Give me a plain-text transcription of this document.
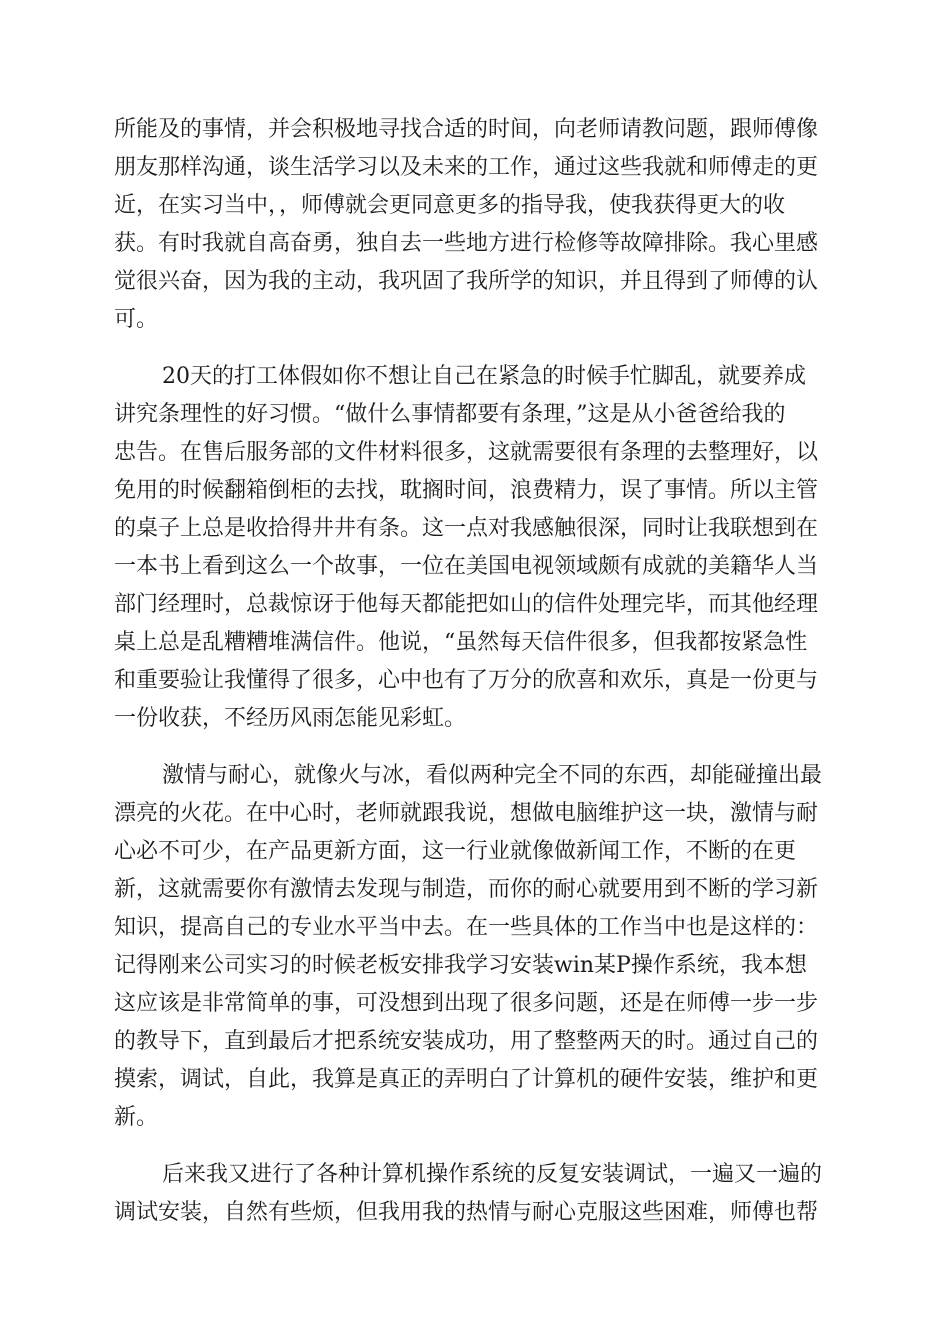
所能及的事情，并会积极地寻找合适的时间，向老师请教问题，跟师傅像
朋友那样沟通，谈生活学习以及未来的工作，通过这些我就和师傅走的更
近，在实习当中，，师傅就会更同意更多的指导我，使我获得更大的收
获。有时我就自高奋勇，独自去一些地方进行检修等故障排除。我心里感
觉很兴奋，因为我的主动，我巩固了我所学的知识，并且得到了师傅的认
可。
20天的打工体假如你不想让自己在紧急的时候手忙脚乱，就要养成
讲究条理性的好习惯。“做什么事情都要有条理，”这是从小爸爸给我的
忠告。在售后服务部的文件材料很多，这就需要很有条理的去整理好，以
免用的时候翻箱倒柜的去找，耽搁时间，浪费精力，误了事情。所以主管
的桌子上总是收拾得井井有条。这一点对我感触很深，同时让我联想到在
一本书上看到这么一个故事，一位在美国电视领域颇有成就的美籍华人当
部门经理时，总裁惊讶于他每天都能把如山的信件处理完毕，而其他经理
桌上总是乱糟糟堆满信件。他说，“虽然每天信件很多，但我都按紧急性
和重要验让我懂得了很多，心中也有了万分的欣喜和欢乐，真是一份更与
一份收获，不经历风雨怎能见彩虹。
激情与耐心，就像火与冰，看似两种完全不同的东西，却能碰撞出最
漂亮的火花。在中心时，老师就跟我说，想做电脑维护这一块，激情与耐
心必不可少，在产品更新方面，这一行业就像做新闻工作，不断的在更
新，这就需要你有激情去发现与制造，而你的耐心就要用到不断的学习新
知识，提高自己的专业水平当中去。在一些具体的工作当中也是这样的：
记得刚来公司实习的时候老板安排我学习安装win某P操作系统，我本想
这应该是非常简单的事，可没想到出现了很多问题，还是在师傅一步一步
的教导下，直到最后才把系统安装成功，用了整整两天的时。通过自己的
摸索，调试，自此，我算是真正的弄明白了计算机的硬件安装，维护和更
新。
后来我又进行了各种计算机操作系统的反复安装调试，一遍又一遍的
调试安装，自然有些烦，但我用我的热情与耐心克服这些困难，师傅也帮
